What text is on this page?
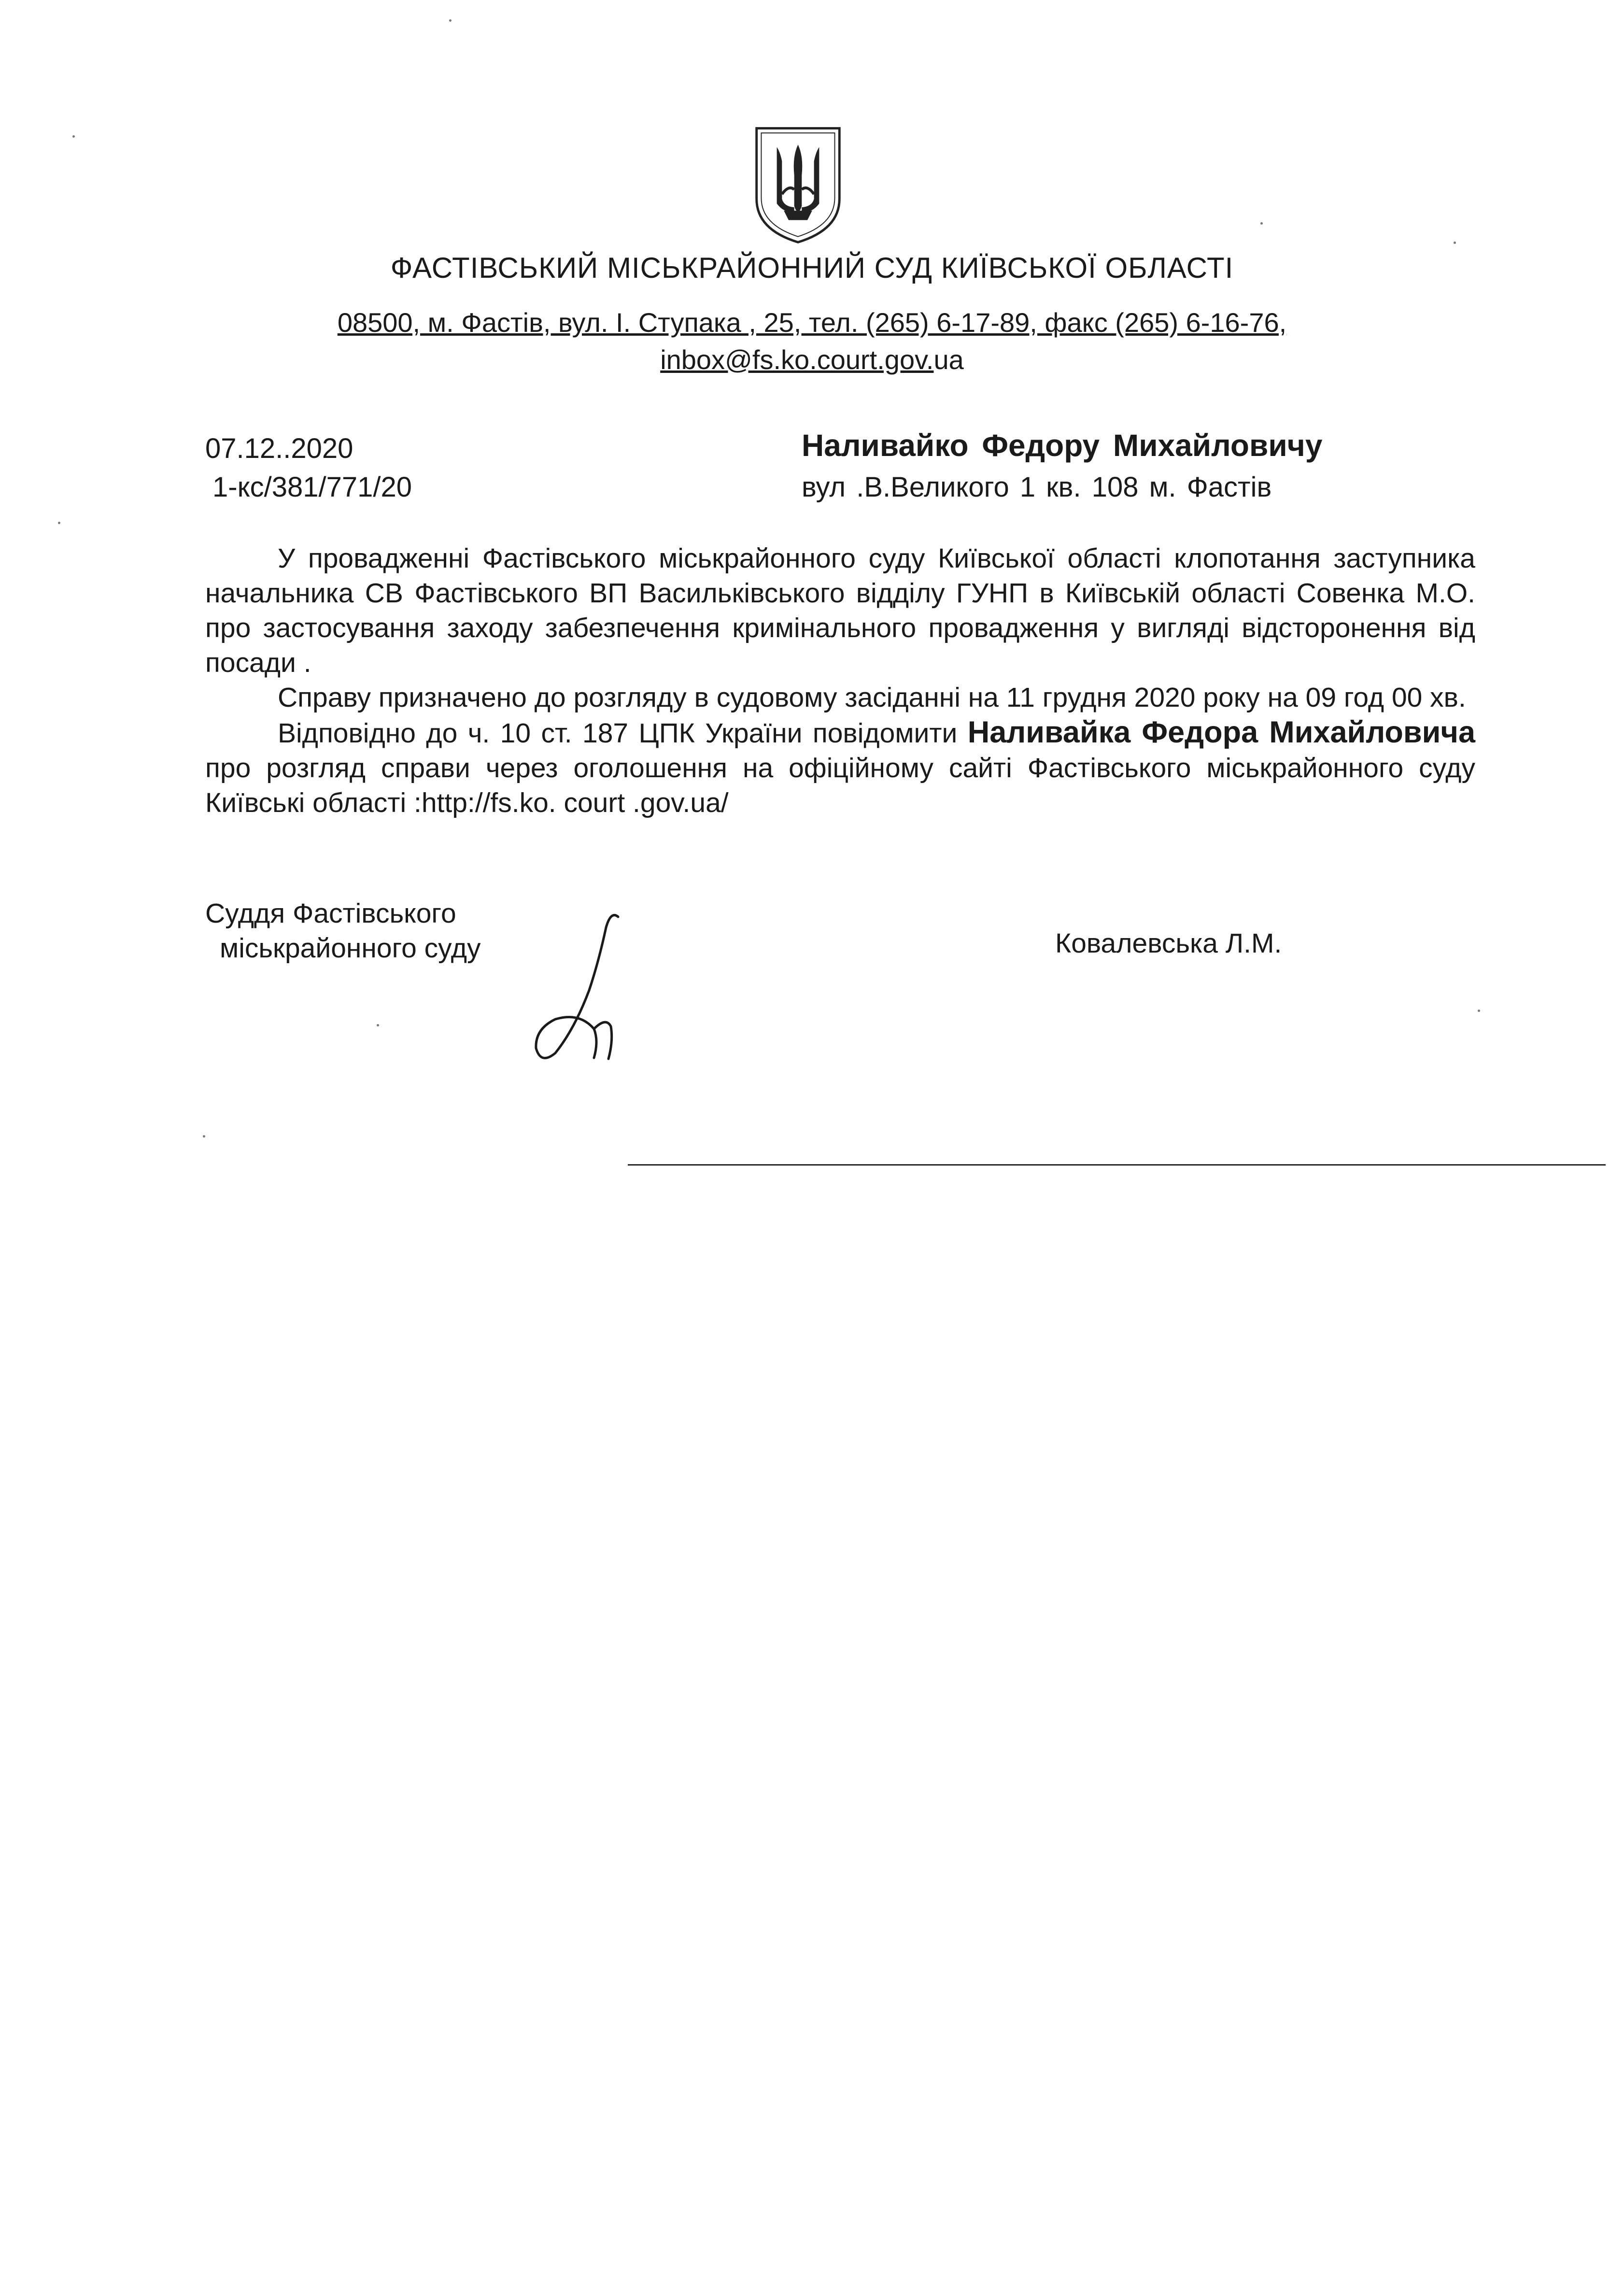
ФАСТІВСЬКИЙ МІСЬКРАЙОННИЙ СУД КИЇВСЬКОЇ ОБЛАСТІ
08500, м. Фастів, вул. І. Ступака , 25, тел. (265) 6-17-89, факс (265) 6-16-76,
inbox@fs.ko.court.gov.ua
07.12..2020
1-кс/381/771/20
Наливайко Федору Михайловичу
вул .В.Великого 1 кв. 108 м. Фастів

У провадженні Фастівського міськрайонного суду Київської області клопотання заступника начальника СВ Фастівського ВП Васильківського відділу ГУНП в Київській області Совенка М.О. про застосування заходу забезпечення кримінального провадження у вигляді відсторонення від посади .

Справу призначено до розгляду в судовому засіданні на 11 грудня 2020 року на 09 год 00 хв.

Відповідно до ч. 10 ст. 187 ЦПК України повідомити Наливайка Федора Михайловича про розгляд справи через оголошення на офіційному сайті Фастівського міськрайонного суду Київські області :http://fs.ko. court .gov.ua/

Суддя Фастівського
міськрайонного суду	Ковалевська Л.М.
